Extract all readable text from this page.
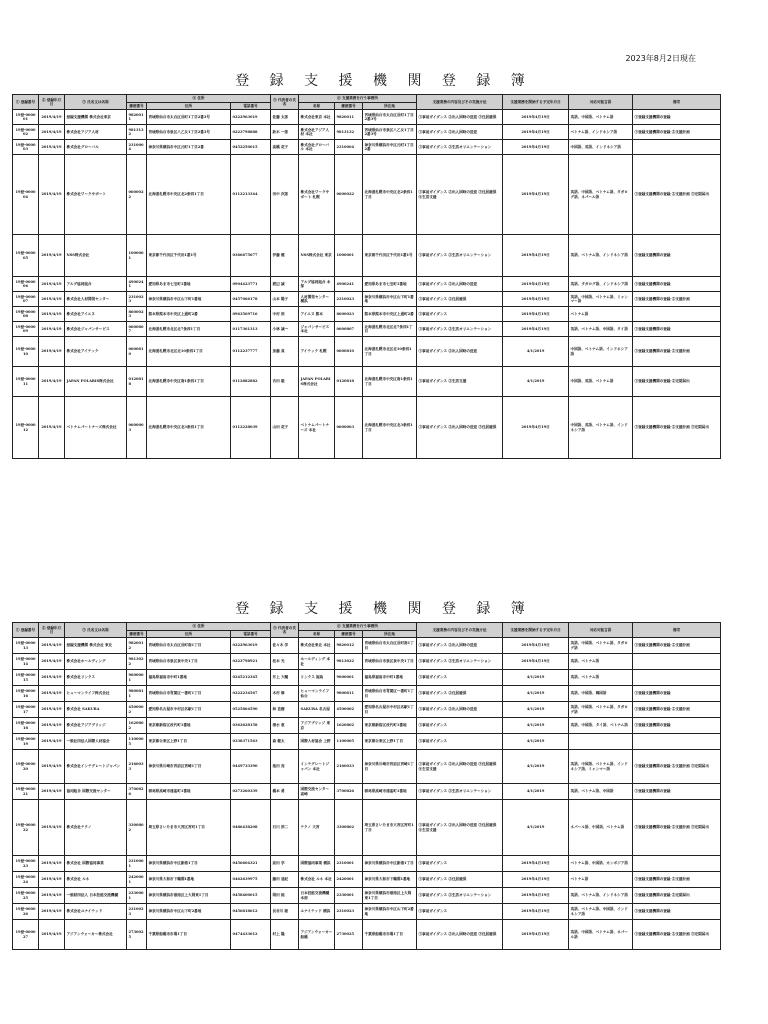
2023年8月2日現在
登 録 支 援 機 関 登 録 簿
① 登録番号	② 登録年月日	③ 氏名又は名称	④ 住所			⑤ 代表者の氏名	⑥ 支援業務を行う事務所			支援業務の内容及びその実施方法	支援業務を開始する予定年月日	対応可能言語	備考
			郵便番号	住所	電話番号		名称	郵便番号	所在地				
19登-000001	2019/4/19	登録支援機関 株式会社東京	9820011	宮城県仙台市太白区長町1丁目2番3号	0222963019	佐藤 太郎	株式会社東京 本社	9820011	宮城県仙台市太白区長町1丁目2番3号	①事前ガイダンス ②出入国時の送迎 ③住居確保	2019年4月19日	英語、中国語、ベトナム語	①登録支援機関の登録
19登-000002	2019/4/19	株式会社アジア人材	9813132	宮城県仙台市泉区八乙女1丁目2番3号	0223798888	鈴木 一郎	株式会社アジア人材 本社	9813132	宮城県仙台市泉区八乙女1丁目2番3号	①事前ガイダンス ②出入国時の送迎	2019年4月19日	ベトナム語、インドネシア語	①登録支援機関の登録 ②支援計画
19登-000003	2019/4/19	株式会社グローバル	2310004	神奈川県横浜市中区元町1丁目2番	0452250015	高橋 花子	株式会社グローバル 本社	2310004	神奈川県横浜市中区元町1丁目2番	①事前ガイダンス ②生活オリエンテーション	2019年4月19日	中国語、英語、インドネシア語	
19登-000004	2019/4/19	株式会社ワークサポート	0600022	北海道札幌市中央区北2条西1丁目	0112213344	田中 次郎	株式会社ワークサポート 札幌	0600022	北海道札幌市中央区北2条西1丁目	①事前ガイダンス ②出入国時の送迎 ③住居確保 ④生活支援	2019年4月19日	英語、中国語、ベトナム語、タガログ語、ネパール語	①登録支援機関の登録 ②支援計画 ③定期届出
19登-000005	2019/4/19	NSS株式会社	1000001	東京都千代田区千代田1番1号	0366675677	伊藤 健	NSS株式会社 東京	1000001	東京都千代田区千代田1番1号	①事前ガイダンス ②生活オリエンテーション	2019年4月19日	英語、ベトナム語、インドネシア語	①登録支援機関の登録
19登-000006	2019/4/19	アルプ協同組合	4900241	愛知県あま市七宝町1番地	0904423771	渡辺 誠	アルプ協同組合 本部	4900241	愛知県あま市七宝町1番地	①事前ガイダンス ②出入国時の送迎	2019年4月19日	英語、タガログ語、インドネシア語	①登録支援機関の登録
19登-000007	2019/4/19	株式会社人材開発センター	2310023	神奈川県横浜市中区山下町1番地	0457066178	山本 陽子	人材開発センター 横浜	2310023	神奈川県横浜市中区山下町1番地	①事前ガイダンス ②住居確保	2019年4月19日	英語、中国語、ベトナム語、ミャンマー語	①登録支援機関の登録 ②支援計画
19登-000008	2019/4/19	株式会社アイエヌ	8600023	熊本県熊本市中央区上通町2番	0963569716	中村 浩	アイエヌ 熊本	8600023	熊本県熊本市中央区上通町2番	①事前ガイダンス	2019年4月19日	ベトナム語	
19登-000009	2019/4/19	株式会社ジャパンサービス	0600807	北海道札幌市北区北7条西1丁目	0117361313	小林 誠一	ジャパンサービス 本社	0600807	北海道札幌市北区北7条西1丁目	①事前ガイダンス ②生活オリエンテーション	2019年4月19日	英語、ベトナム語、中国語、タイ語	①登録支援機関の登録
19登-000010	2019/4/19	株式会社アイテック	0600810	北海道札幌市北区北10条西1丁目	0112237777	加藤 真	アイテック 札幌	0600810	北海道札幌市北区北10条西1丁目	①事前ガイダンス ②出入国時の送迎	4/1/2019	中国語、ベトナム語、インドネシア語	①登録支援機関の登録 ②支援計画
19登-000011	2019/4/19	JAPAN POLARIS株式会社	0120818	北海道札幌市中央区南1条西1丁目	0112882882	吉田 聡	JAPAN POLARIS株式会社	0120818	北海道札幌市中央区南1条西1丁目	①事前ガイダンス ②生活支援	4/1/2019	中国語、英語、ベトナム語	①登録支援機関の登録 ②定期届出
19登-000012	2019/4/19	ベトナムパートナーズ株式会社	0600003	北海道札幌市中央区北3条西1丁目	0112228039	山田 花子	ベトナムパートナーズ 本社	0600003	北海道札幌市中央区北3条西1丁目	①事前ガイダンス ②出入国時の送迎 ③住居確保	2019年4月19日	中国語、英語、ベトナム語、インドネシア語	①登録支援機関の登録 ②支援計画 ③定期届出
登 録 支 援 機 関 登 録 簿
① 登録番号	② 登録年月日	③ 氏名又は名称	④ 住所			⑤ 代表者の氏名	⑥ 支援業務を行う事務所			支援業務の内容及びその実施方法	支援業務を開始する予定年月日	対応可能言語	備考
			郵便番号	住所	電話番号		名称	郵便番号	所在地				
19登-000013	2019/4/19	登録支援機関 株式会社 東北	9820012	宮城県仙台市太白区長町南1丁目	0222963019	佐々木 学	株式会社東北 本社	9820012	宮城県仙台市太白区長町南1丁目	①事前ガイダンス ②出入国時の送迎	2019年4月19日	英語、中国語、ベトナム語、タガログ語	①登録支援機関の登録 ②支援計画
19登-000014	2019/4/19	株式会社ホールディング	9813022	宮城県仙台市泉区泉中央1丁目	0223798921	松本 光	ホールディング 本社	9813022	宮城県仙台市泉区泉中央1丁目	①事前ガイダンス ②生活オリエンテーション	2019年4月19日	英語、ベトナム語	
19登-000015	2019/4/19	株式会社リンクス	9600001	福島県福島市中町1番地	0245212345	井上 大輔	リンクス 福島	9600001	福島県福島市中町1番地	①事前ガイダンス	4/1/2019	英語、ベトナム語	
19登-000016	2019/4/19	ヒューマンライフ株式会社	9800811	宮城県仙台市青葉区一番町1丁目	0222234567	木村 修	ヒューマンライフ 仙台	9800811	宮城県仙台市青葉区一番町1丁目	①事前ガイダンス ②住居確保	4/1/2019	英語、中国語、韓国語	①登録支援機関の登録
19登-000017	2019/4/19	株式会社 SAKURA	4500002	愛知県名古屋市中村区名駅1丁目	0525864590	林 直樹	SAKURA 名古屋	4500002	愛知県名古屋市中村区名駅1丁目	①事前ガイダンス ②出入国時の送迎	4/1/2019	英語、中国語、ベトナム語、タガログ語	①登録支援機関の登録 ②支援計画
19登-000018	2019/4/19	株式会社アジアブリッジ	1620802	東京都新宿区改代町1番地	0362628158	清水 恵	アジアブリッジ 東京	1620802	東京都新宿区改代町1番地	①事前ガイダンス	4/1/2019	英語、中国語、タイ語、ベトナム語	①登録支援機関の登録
19登-000019	2019/4/19	一般社団法人国際人材協会	1100005	東京都台東区上野1丁目	0338371563	森 健太	国際人材協会 上野	1100005	東京都台東区上野1丁目	①事前ガイダンス	4/1/2019		
19登-000020	2019/4/19	株式会社インテグレートジャパン	2160033	神奈川県川崎市宮前区宮崎1丁目	0449733390	池田 亮	インテグレートジャパン 本社	2160033	神奈川県川崎市宮前区宮崎1丁目	①事前ガイダンス ②出入国時の送迎 ③住居確保 ④生活支援	4/1/2019	英語、中国語、ベトナム語、インドネシア語、ミャンマー語	①登録支援機関の登録 ②支援計画 ③定期届出
19登-000021	2019/4/19	協同組合 国際交流センター	3700826	群馬県高崎市連雀町1番地	0273260339	橋本 勇	国際交流センター 高崎	3700826	群馬県高崎市連雀町1番地	①事前ガイダンス ②生活オリエンテーション	4/1/2019	英語、ベトナム語、中国語	①登録支援機関の登録
19登-000022	2019/4/19	株式会社テクノ	3300802	埼玉県さいたま市大宮区宮町1丁目	0486438208	石川 浩二	テクノ 大宮	3300802	埼玉県さいたま市大宮区宮町1丁目	①事前ガイダンス ②出入国時の送迎 ③住居確保 ④生活支援	4/1/2019	ネパール語、中国語、ベトナム語	①登録支援機関の登録 ②支援計画 ③定期届出
19登-000023	2019/4/19	株式会社 国際協同事業	2310001	神奈川県横浜市中区新港1丁目	0456604321	前田 学	国際協同事業 横浜	2310001	神奈川県横浜市中区新港1丁目	①事前ガイダンス	2019年4月19日	ベトナム語、中国語、カンボジア語	
19登-000024	2019/4/19	株式会社 ルネ	2420001	神奈川県大和市下鶴間1番地	0462639975	藤田 亜紀	株式会社 ルネ 本社	2420001	神奈川県大和市下鶴間1番地	①事前ガイダンス ②住居確保	2019年4月19日	ベトナム語	①登録支援機関の登録 ②支援計画
19登-000025	2019/4/19	一般財団法人 日本技能交流機構	2330001	神奈川県横浜市港南区上大岡東1丁目	0458400015	岡田 純	日本技能交流機構 本部	2330001	神奈川県横浜市港南区上大岡東1丁目	①事前ガイダンス ②生活オリエンテーション	2019年4月19日	英語、ベトナム語、インドネシア語	①登録支援機関の登録 ②定期届出
19登-000026	2019/4/19	株式会社ユナイテッド	2310023	神奈川県横浜市中区山下町2番地	0456818612	長谷川 聡	ユナイテッド 横浜	2310023	神奈川県横浜市中区山下町2番地	①事前ガイダンス	2019年4月19日	英語、ベトナム語、中国語、インドネシア語	①登録支援機関の登録
19登-000027	2019/4/19	アジアンウォーカー株式会社	2730025	千葉県船橋市市場1丁目	0474433612	村上 隆	アジアンウォーカー 船橋	2730025	千葉県船橋市市場1丁目	①事前ガイダンス ②出入国時の送迎 ③住居確保	2019年4月19日	英語、中国語、ベトナム語、ネパール語	①登録支援機関の登録 ②支援計画 ③定期届出
